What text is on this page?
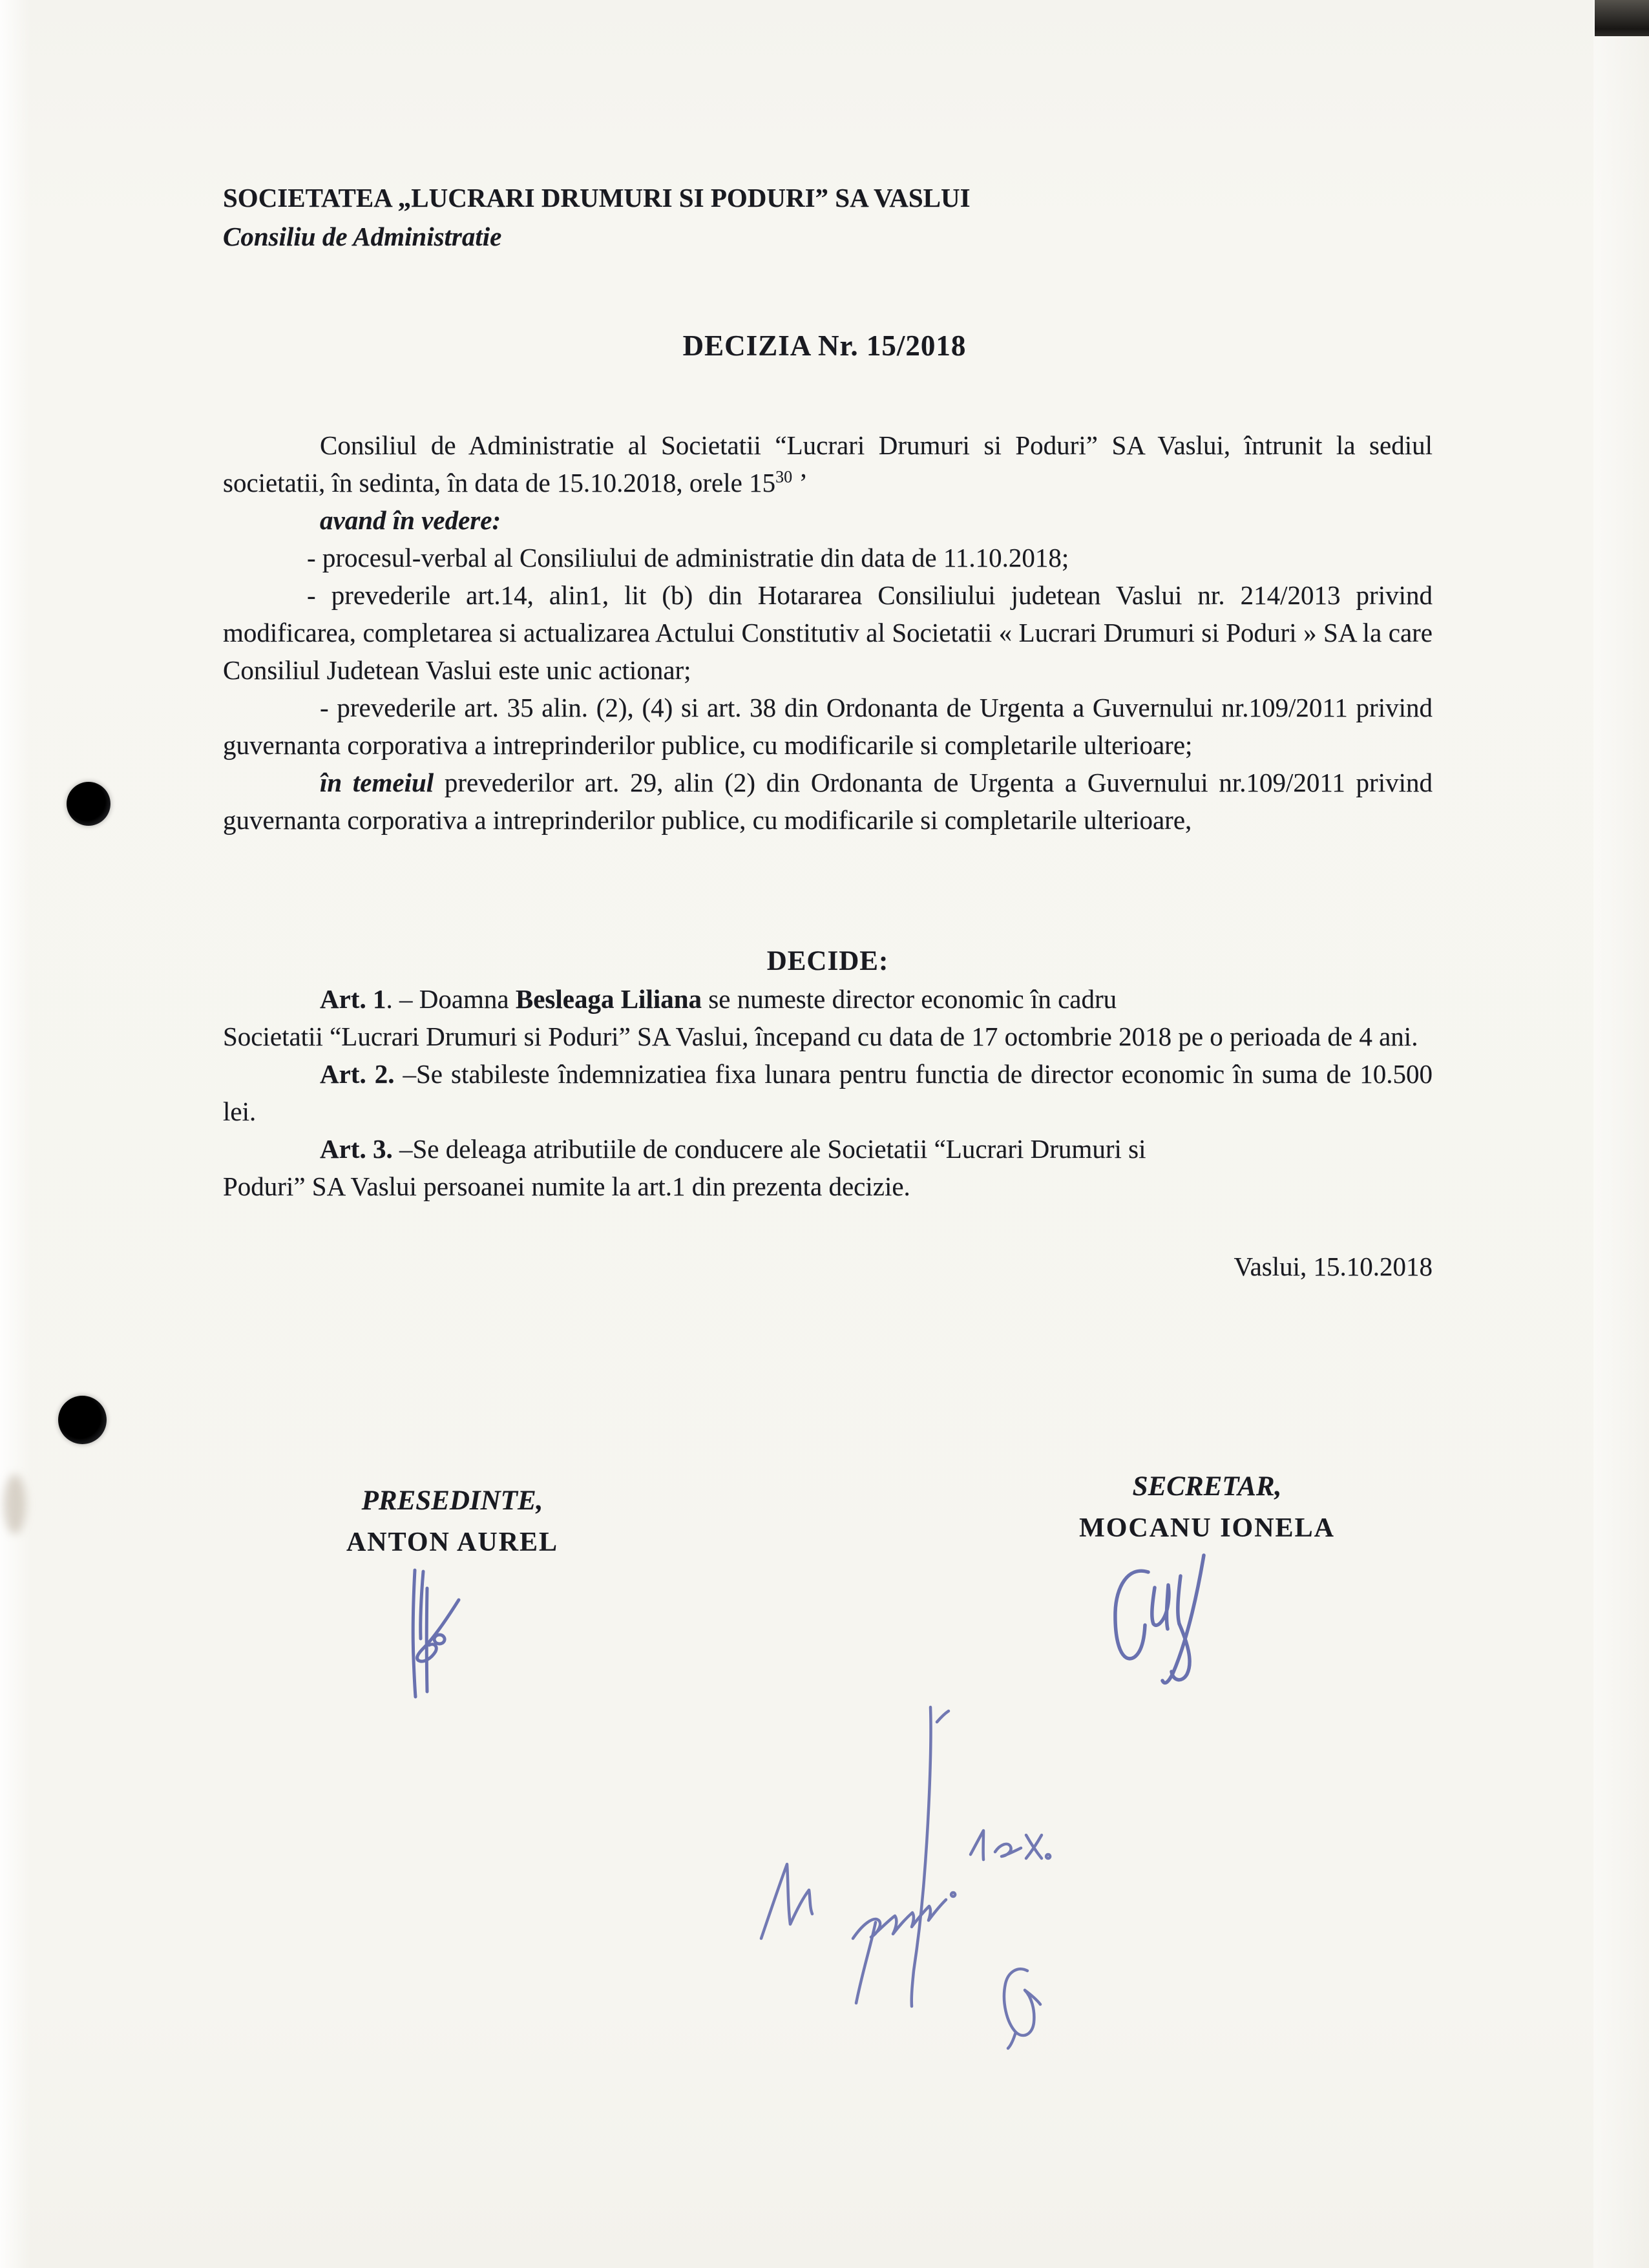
SOCIETATEA „LUCRARI DRUMURI SI PODURI” SA VASLUI
Consiliu de Administratie
DECIZIA Nr. 15/2018

Consiliul de Administratie al Societatii “Lucrari Drumuri si Poduri” SA Vaslui, întrunit la sediul societatii, în sedinta, în data de 15.10.2018, orele $15^{30}$ ’

avand în vedere:

- procesul-verbal al Consiliului de administratie din data de 11.10.2018;

- prevederile art.14, alin1, lit (b) din Hotararea Consiliului judetean Vaslui nr. 214/2013 privind modificarea, completarea si actualizarea Actului Constitutiv al Societatii « Lucrari Drumuri si Poduri » SA la care Consiliul Judetean Vaslui este unic actionar;

- prevederile art. 35 alin. (2), (4) si art. 38 din Ordonanta de Urgenta a Guvernului nr.109/2011 privind guvernanta corporativa a intreprinderilor publice, cu modificarile si completarile ulterioare;

în temeiul prevederilor art. 29, alin (2) din Ordonanta de Urgenta a Guvernului nr.109/2011 privind guvernanta corporativa a intreprinderilor publice, cu modificarile si completarile ulterioare,

DECIDE:

Art. 1. – Doamna Besleaga Liliana se numeste director economic în cadru
Societatii “Lucrari Drumuri si Poduri” SA Vaslui, începand cu data de 17 octombrie 2018 pe o perioada de 4 ani.

Art. 2. –Se stabileste îndemnizatiea fixa lunara pentru functia de director economic în suma de 10.500 lei.

Art. 3. –Se deleaga atributiile de conducere ale Societatii “Lucrari Drumuri si
Poduri” SA Vaslui persoanei numite la art.1 din prezenta decizie.

Vaslui, 15.10.2018

PRESEDINTE,
ANTON AUREL
SECRETAR,
MOCANU IONELA
